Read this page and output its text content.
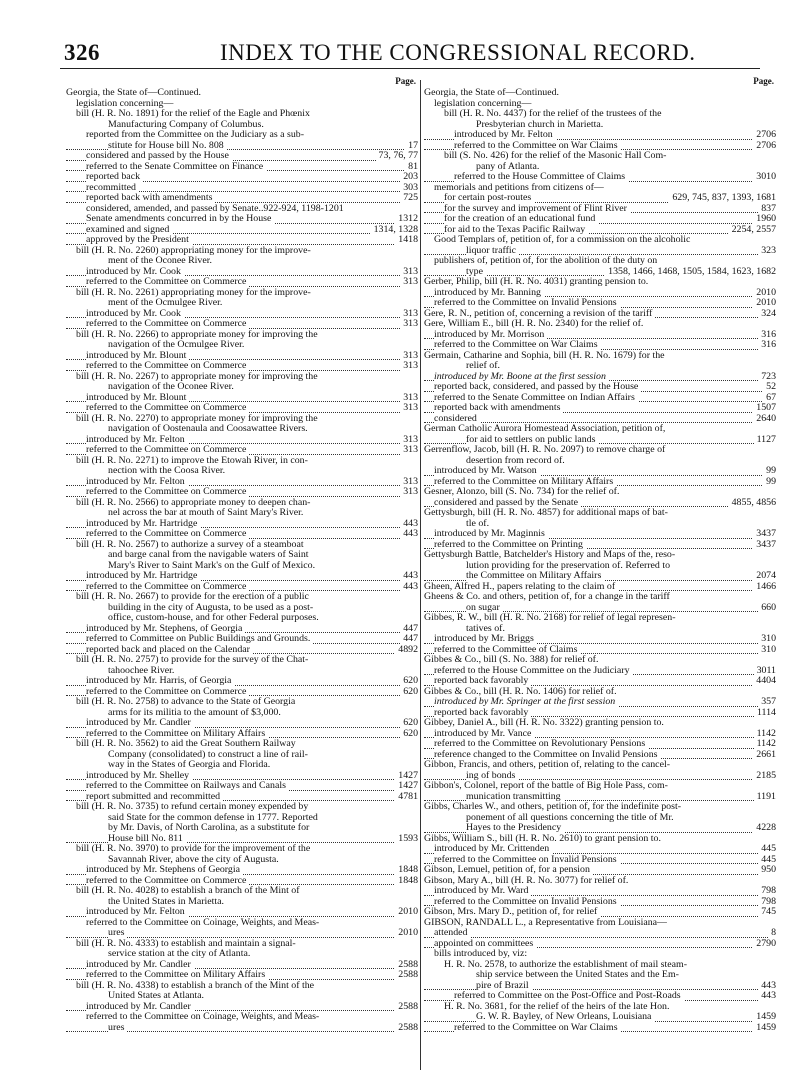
326	INDEX TO THE CONGRESSIONAL RECORD.
Page.
Georgia, the State of—Continued.
legislation concerning—
bill (H. R. No. 1891) for the relief of the Eagle and Phœnix
Manufacturing Company of Columbus.
reported from the Committee on the Judiciary as a sub-
stitute for House bill No. 808	17
considered and passed by the House	73, 76, 77
referred to the Senate Committee on Finance	81
reported back	203
recommitted	303
reported back with amendments	725
considered, amended, and passed by Senate..922-924, 1198-1201
Senate amendments concurred in by the House	1312
examined and signed	1314, 1328
approved by the President	1418
bill (H. R. No. 2260) appropriating money for the improve-
ment of the Oconee River.
introduced by Mr. Cook	313
referred to the Committee on Commerce	313
bill (H. R. No. 2261) appropriating money for the improve-
ment of the Ocmulgee River.
introduced by Mr. Cook	313
referred to the Committee on Commerce	313
bill (H. R. No. 2266) to appropriate money for improving the
navigation of the Ocmulgee River.
introduced by Mr. Blount	313
referred to the Committee on Commerce	313
bill (H. R. No. 2267) to appropriate money for improving the
navigation of the Oconee River.
introduced by Mr. Blount	313
referred to the Committee on Commerce	313
bill (H. R. No. 2270) to appropriate money for improving the
navigation of Oostenaula and Coosawattee Rivers.
introduced by Mr. Felton	313
referred to the Committee on Commerce	313
bill (H. R. No. 2271) to improve the Etowah River, in con-
nection with the Coosa River.
introduced by Mr. Felton	313
referred to the Committee on Commerce	313
bill (H. R. No. 2566) to appropriate money to deepen chan-
nel across the bar at mouth of Saint Mary's River.
introduced by Mr. Hartridge	443
referred to the Committee on Commerce	443
bill (H. R. No. 2567) to authorize a survey of a steamboat
and barge canal from the navigable waters of Saint
Mary's River to Saint Mark's on the Gulf of Mexico.
introduced by Mr. Hartridge	443
referred to the Committee on Commerce	443
bill (H. R. No. 2667) to provide for the erection of a public
building in the city of Augusta, to be used as a post-
office, custom-house, and for other Federal purposes.
introduced by Mr. Stephens, of Georgia	447
referred to Committee on Public Buildings and Grounds.	447
reported back and placed on the Calendar	4892
bill (H. R. No. 2757) to provide for the survey of the Chat-
tahoochee River.
introduced by Mr. Harris, of Georgia	620
referred to the Committee on Commerce	620
bill (H. R. No. 2758) to advance to the State of Georgia
arms for its militia to the amount of $3,000.
introduced by Mr. Candler	620
referred to the Committee on Military Affairs	620
bill (H. R. No. 3562) to aid the Great Southern Railway
Company (consolidated) to construct a line of rail-
way in the States of Georgia and Florida.
introduced by Mr. Shelley	1427
referred to the Committee on Railways and Canals	1427
report submitted and recommitted	4781
bill (H. R. No. 3735) to refund certain money expended by
said State for the common defense in 1777. Reported
by Mr. Davis, of North Carolina, as a substitute for
House bill No. 811	1593
bill (H. R. No. 3970) to provide for the improvement of the
Savannah River, above the city of Augusta.
introduced by Mr. Stephens of Georgia	1848
referred to the Committee on Commerce	1848
bill (H. R. No. 4028) to establish a branch of the Mint of
the United States in Marietta.
introduced by Mr. Felton	2010
referred to the Committee on Coinage, Weights, and Meas-
ures	2010
bill (H. R. No. 4333) to establish and maintain a signal-
service station at the city of Atlanta.
introduced by Mr. Candler	2588
referred to the Committee on Military Affairs	2588
bill (H. R. No. 4338) to establish a branch of the Mint of the
United States at Atlanta.
introduced by Mr. Candler	2588
referred to the Committee on Coinage, Weights, and Meas-
ures	2588
Page.
Georgia, the State of—Continued.
legislation concerning—
bill (H. R. No. 4437) for the relief of the trustees of the
Presbyterian church in Marietta.
introduced by Mr. Felton	2706
referred to the Committee on War Claims	2706
bill (S. No. 426) for the relief of the Masonic Hall Com-
pany of Atlanta.
referred to the House Committee of Claims	3010
memorials and petitions from citizens of—
for certain post-routes	629, 745, 837, 1393, 1681
for the survey and improvement of Flint River	837
for the creation of an educational fund	1960
for aid to the Texas Pacific Railway	2254, 2557
Good Templars of, petition of, for a commission on the alcoholic
liquor traffic	323
publishers of, petition of, for the abolition of the duty on
type	1358, 1466, 1468, 1505, 1584, 1623, 1682
Gerber, Philip, bill (H. R. No. 4031) granting pension to.
introduced by Mr. Banning	2010
referred to the Committee on Invalid Pensions	2010
Gere, R. N., petition of, concerning a revision of the tariff	324
Gere, William E., bill (H. R. No. 2340) for the relief of.
introduced by Mr. Morrison	316
referred to the Committee on War Claims	316
Germain, Catharine and Sophia, bill (H. R. No. 1679) for the
relief of.
introduced by Mr. Boone at the first session	723
reported back, considered, and passed by the House	52
referred to the Senate Committee on Indian Affairs	67
reported back with amendments	1507
considered	2640
German Catholic Aurora Homestead Association, petition of,
for aid to settlers on public lands	1127
Gerrenflow, Jacob, bill (H. R. No. 2097) to remove charge of
desertion from record of.
introduced by Mr. Watson	99
referred to the Committee on Military Affairs	99
Gesner, Alonzo, bill (S. No. 734) for the relief of.
considered and passed by the Senate	4855, 4856
Gettysburgh, bill (H. R. No. 4857) for additional maps of bat-
tle of.
introduced by Mr. Maginnis	3437
referred to the Committee on Printing	3437
Gettysburgh Battle, Batchelder's History and Maps of the, reso-
lution providing for the preservation of. Referred to
the Committee on Military Affairs	2074
Gheen, Alfred H., papers relating to the claim of	1466
Gheens & Co. and others, petition of, for a change in the tariff
on sugar	660
Gibbes, R. W., bill (H. R. No. 2168) for relief of legal represen-
tatives of.
introduced by Mr. Briggs	310
referred to the Committee of Claims	310
Gibbes & Co., bill (S. No. 388) for relief of.
referred to the House Committee on the Judiciary	3011
reported back favorably	4404
Gibbes & Co., bill (H. R. No. 1406) for relief of.
introduced by Mr. Springer at the first session	357
reported back favorably	1114
Gibbey, Daniel A., bill (H. R. No. 3322) granting pension to.
introduced by Mr. Vance	1142
referred to the Committee on Revolutionary Pensions	1142
reference changed to the Committee on Invalid Pensions	2661
Gibbon, Francis, and others, petition of, relating to the cancel-
ing of bonds	2185
Gibbon's, Colonel, report of the battle of Big Hole Pass, com-
munication transmitting	1191
Gibbs, Charles W., and others, petition of, for the indefinite post-
ponement of all questions concerning the title of Mr.
Hayes to the Presidency	4228
Gibbs, William S., bill (H. R. No. 2610) to grant pension to.
introduced by Mr. Crittenden	445
referred to the Committee on Invalid Pensions	445
Gibson, Lemuel, petition of, for a pension	950
Gibson, Mary A., bill (H. R. No. 3077) for relief of.
introduced by Mr. Ward	798
referred to the Committee on Invalid Pensions	798
Gibson, Mrs. Mary D., petition of, for relief	745
GIBSON, RANDALL L., a Representative from Louisiana—
attended	8
appointed on committees	2790
bills introduced by, viz:
H. R. No. 2578, to authorize the establishment of mail steam-
ship service between the United States and the Em-
pire of Brazil	443
referred to Committee on the Post-Office and Post-Roads	443
H. R. No. 3681, for the relief of the heirs of the late Hon.
G. W. R. Bayley, of New Orleans, Louisiana	1459
referred to the Committee on War Claims	1459
